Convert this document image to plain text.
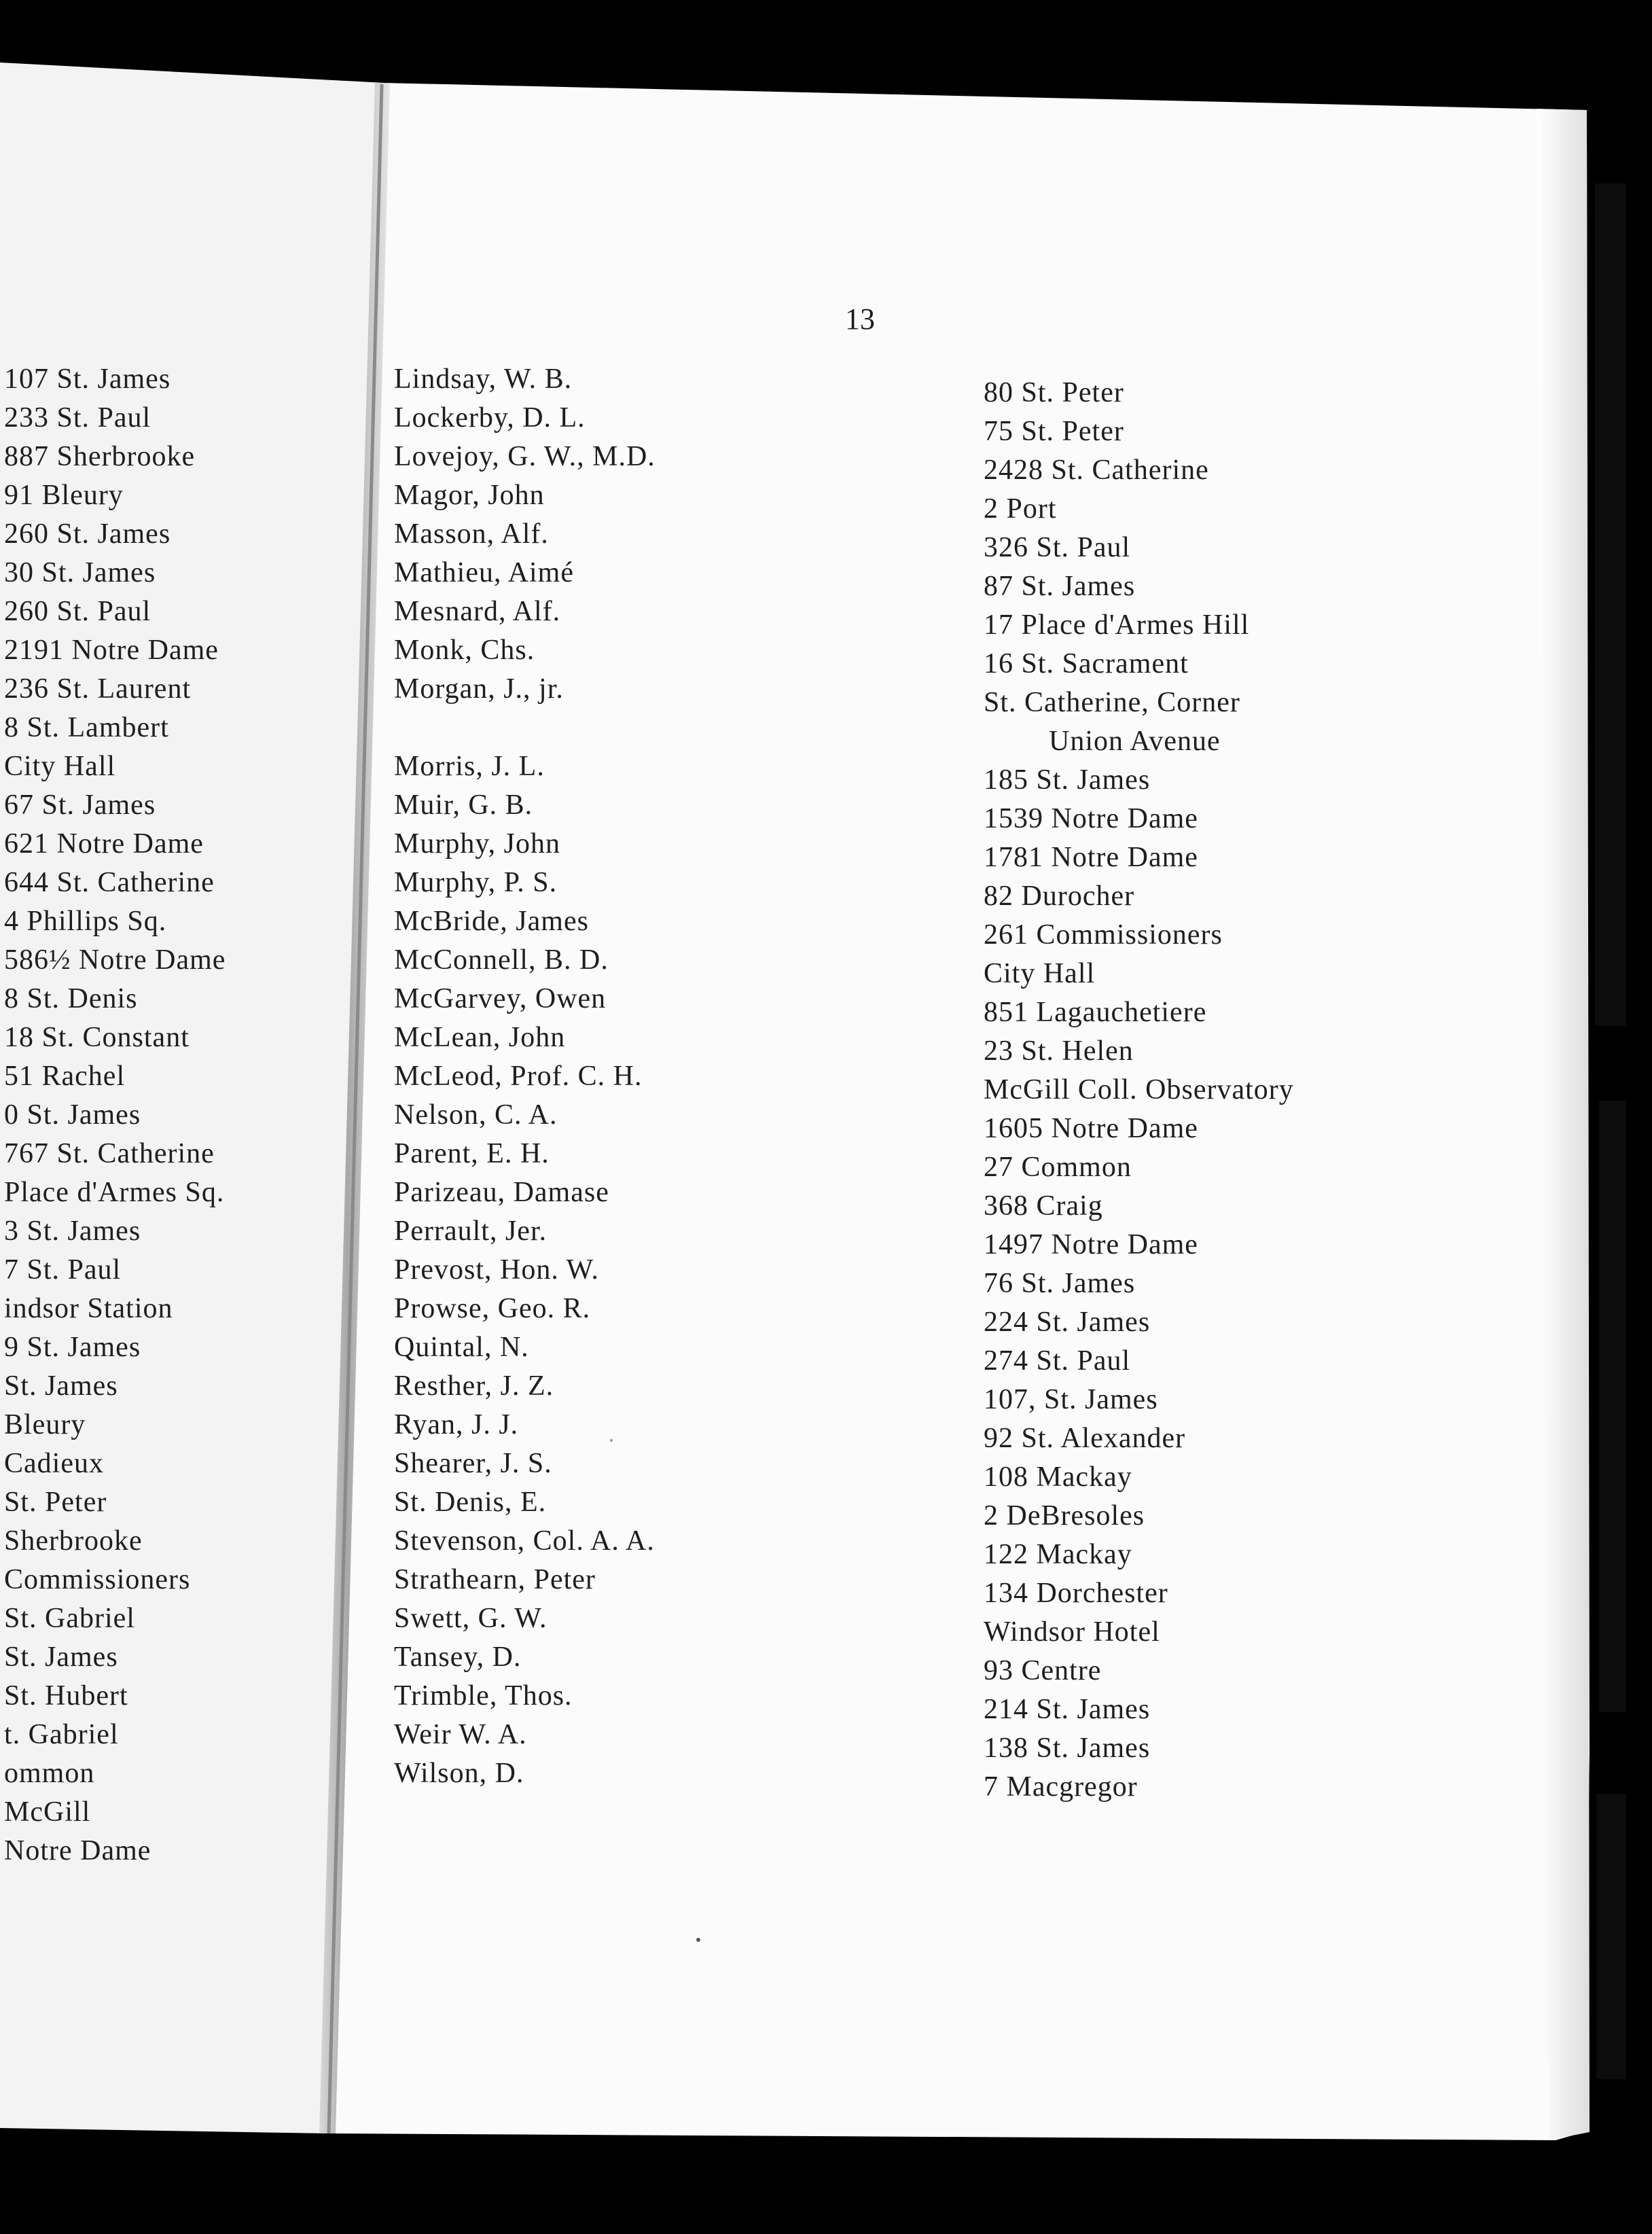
13
107 St. James
233 St. Paul
887 Sherbrooke
91 Bleury
260 St. James
30 St. James
260 St. Paul
2191 Notre Dame
236 St. Laurent
8 St. Lambert
City Hall
67 St. James
621 Notre Dame
644 St. Catherine
4 Phillips Sq.
586½ Notre Dame
8 St. Denis
18 St. Constant
51 Rachel
0 St. James
767 St. Catherine
Place d'Armes Sq.
3 St. James
7 St. Paul
indsor Station
9 St. James
St. James
Bleury
Cadieux
St. Peter
Sherbrooke
Commissioners
St. Gabriel
St. James
St. Hubert
t. Gabriel
ommon
McGill
Notre Dame
Lindsay, W. B.
Lockerby, D. L.
Lovejoy, G. W., M.D.
Magor, John
Masson, Alf.
Mathieu, Aimé
Mesnard, Alf.
Monk, Chs.
Morgan, J., jr.
Morris, J. L.
Muir, G. B.
Murphy, John
Murphy, P. S.
McBride, James
McConnell, B. D.
McGarvey, Owen
McLean, John
McLeod, Prof. C. H.
Nelson, C. A.
Parent, E. H.
Parizeau, Damase
Perrault, Jer.
Prevost, Hon. W.
Prowse, Geo. R.
Quintal, N.
Resther, J. Z.
Ryan, J. J.
Shearer, J. S.
St. Denis, E.
Stevenson, Col. A. A.
Strathearn, Peter
Swett, G. W.
Tansey, D.
Trimble, Thos.
Weir W. A.
Wilson, D.
80 St. Peter
75 St. Peter
2428 St. Catherine
2 Port
326 St. Paul
87 St. James
17 Place d'Armes Hill
16 St. Sacrament
St. Catherine, Corner
Union Avenue
185 St. James
1539 Notre Dame
1781 Notre Dame
82 Durocher
261 Commissioners
City Hall
851 Lagauchetiere
23 St. Helen
McGill Coll. Observatory
1605 Notre Dame
27 Common
368 Craig
1497 Notre Dame
76 St. James
224 St. James
274 St. Paul
107, St. James
92 St. Alexander
108 Mackay
2 DeBresoles
122 Mackay
134 Dorchester
Windsor Hotel
93 Centre
214 St. James
138 St. James
7 Macgregor
